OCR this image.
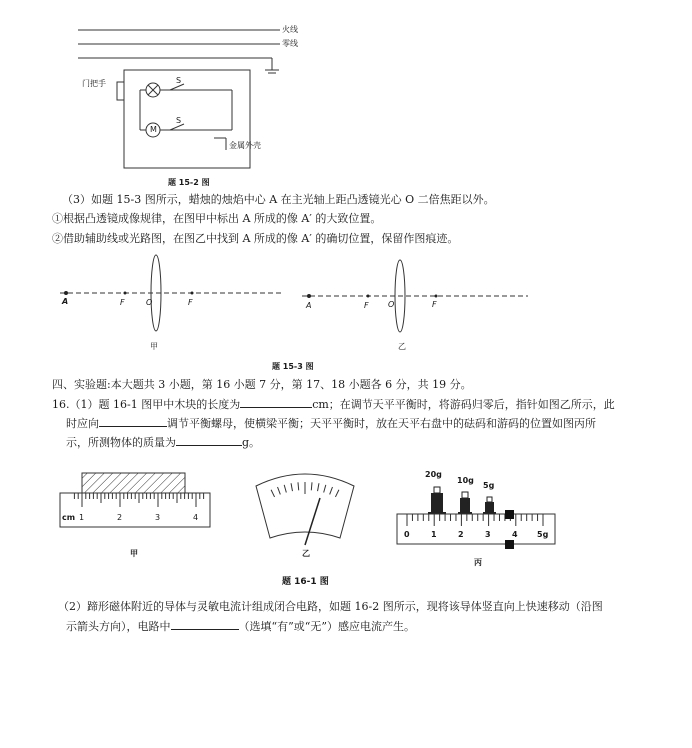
火线
零线
门把手	S
S
M
金属外壳
题 15-2 图
（3）如题 15-3 图所示，蜡烛的烛焰中心 A 在主光轴上距凸透镜光心 O 二倍焦距以外。
①根据凸透镜成像规律，在图甲中标出 A 所成的像 A′ 的大致位置。
②借助辅助线或光路图，在图乙中找到 A 所成的像 A′ 的确切位置，保留作图痕迹。
A	F	O	F
甲
A	F O	F
乙
题 15-3 图
四、实验题:本大题共 3 小题，第 16 小题 7 分，第 17、18 小题各 6 分，共 19 分。
16.（1）题 16-1 图甲中木块的长度为	cm；在调节天平平衡时，将游码归零后，指针如图乙所示，此
时应向	调节平衡螺母，使横梁平衡；天平平衡时，放在天平右盘中的砝码和游码的位置如图丙所
示，所测物体的质量为	g。
cm 1	2	3	4
甲	乙
20g
10g
5g
0	1	2	3	4 5g
丙
题 16-1 图
（2）蹄形磁体附近的导体与灵敏电流计组成闭合电路，如题 16-2 图所示，现将该导体竖直向上快速移动（沿图
示箭头方向），电路中	（选填“有”或“无”）感应电流产生。
